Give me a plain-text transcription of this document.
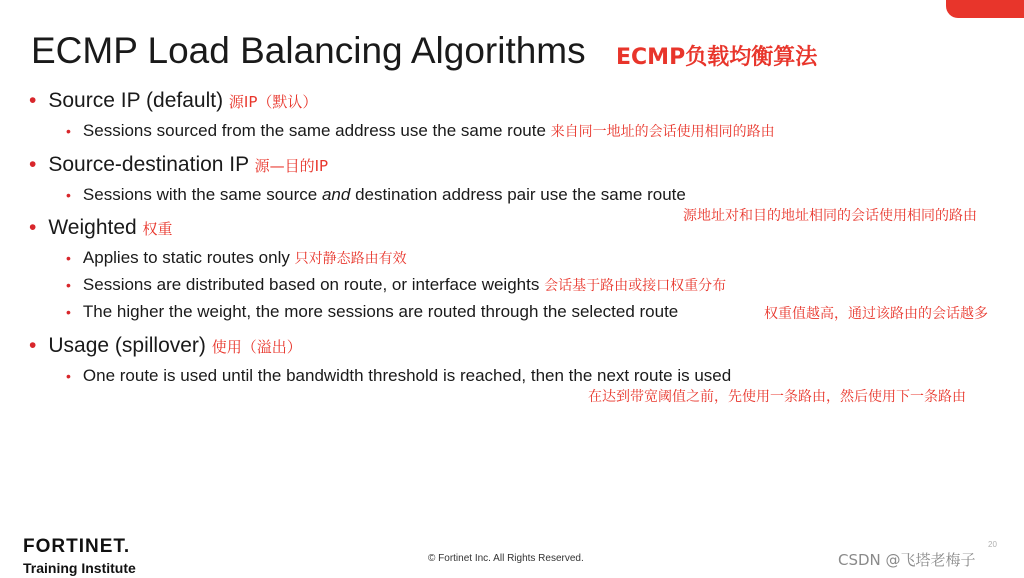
ECMP Load Balancing Algorithms ECMP负载均衡算法
• Source IP (default) 源IP（默认）
• Sessions sourced from the same address use the same route 来自同一地址的会话使用相同的路由
• Source-destination IP 源—目的IP
• Sessions with the same source and destination address pair use the same route
源地址对和目的地址相同的会话使用相同的路由
• Weighted 权重
• Applies to static routes only 只对静态路由有效
• Sessions are distributed based on route, or interface weights 会话基于路由或接口权重分布
• The higher the weight, the more sessions are routed through the selected route	权重值越高，通过该路由的会话越多
• Usage (spillover) 使用（溢出）
• One route is used until the bandwidth threshold is reached, then the next route is used
在达到带宽阈值之前，先使用一条路由，然后使用下一条路由
FORTINET.
Training Institute
© Fortinet Inc. All Rights Reserved.
20
CSDN @飞塔老梅子
